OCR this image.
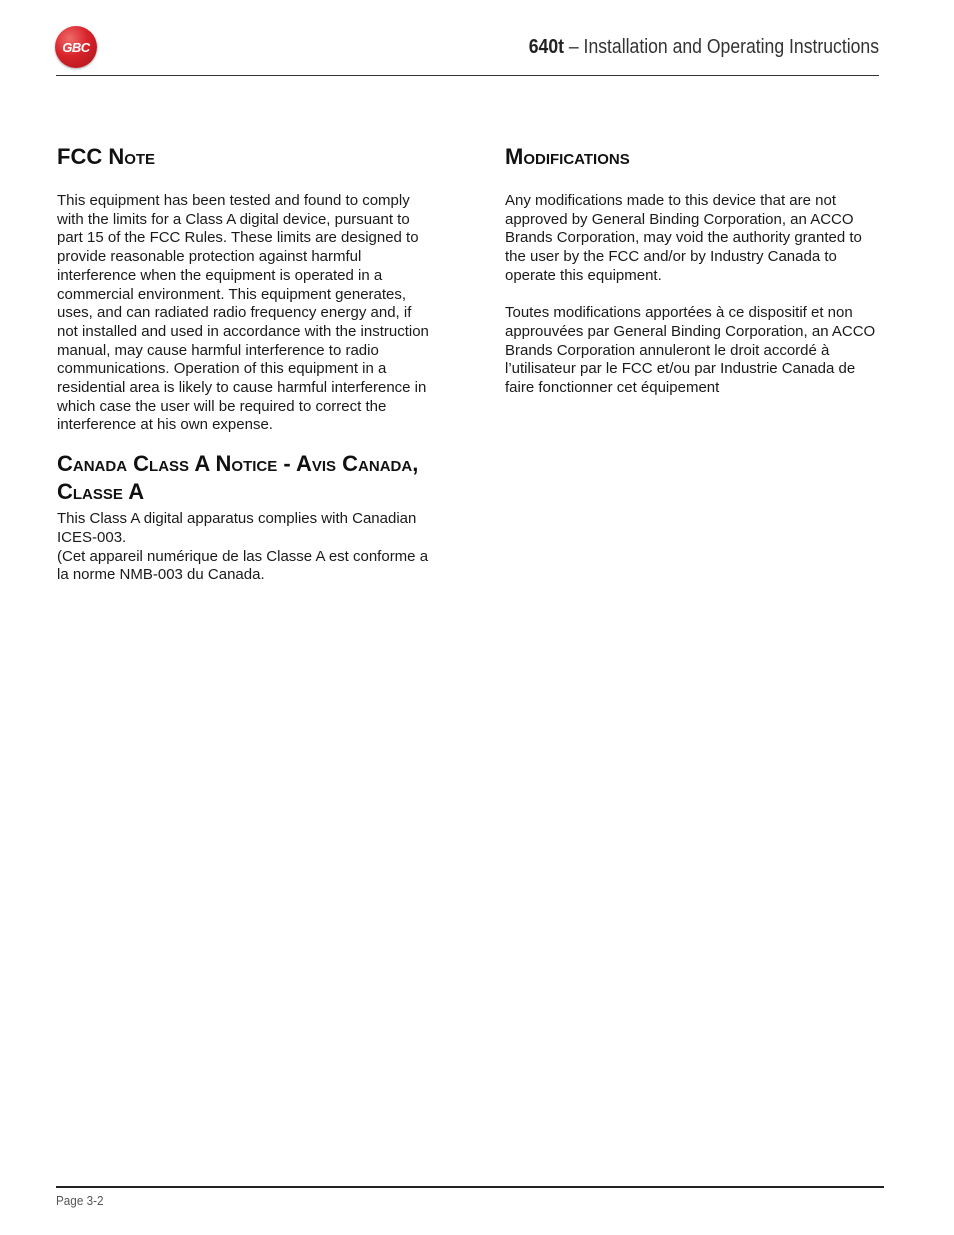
GBC	640t – Installation and Operating Instructions
FCC Note

This equipment has been tested and found to comply with the limits for a Class A digital device, pursuant to part 15 of the FCC Rules. These limits are designed to provide reasonable protection against harmful interference when the equipment is operated in a commercial environment. This equipment generates, uses, and can radiated radio frequency energy and, if not installed and used in accordance with the instruction manual, may cause harmful interference to radio communications. Operation of this equipment in a residential area is likely to cause harmful interference in which case the user will be required to correct the interference at his own expense.

Canada Class A Notice - Avis Canada, Classe A

This Class A digital apparatus complies with Canadian ICES-003.

(Cet appareil numérique de las Classe A est conforme a la norme NMB-003 du Canada.

Modifications

Any modifications made to this device that are not approved by General Binding Corporation, an ACCO Brands Corporation, may void the authority granted to the user by the FCC and/or by Industry Canada to operate this equipment.

Toutes modifications apportées à ce dispositif et non approuvées par General Binding Corporation, an ACCO Brands Corporation annuleront le droit accordé à l’utilisateur par le FCC et/ou par Industrie Canada de faire fonctionner cet équipement

Page 3-2
